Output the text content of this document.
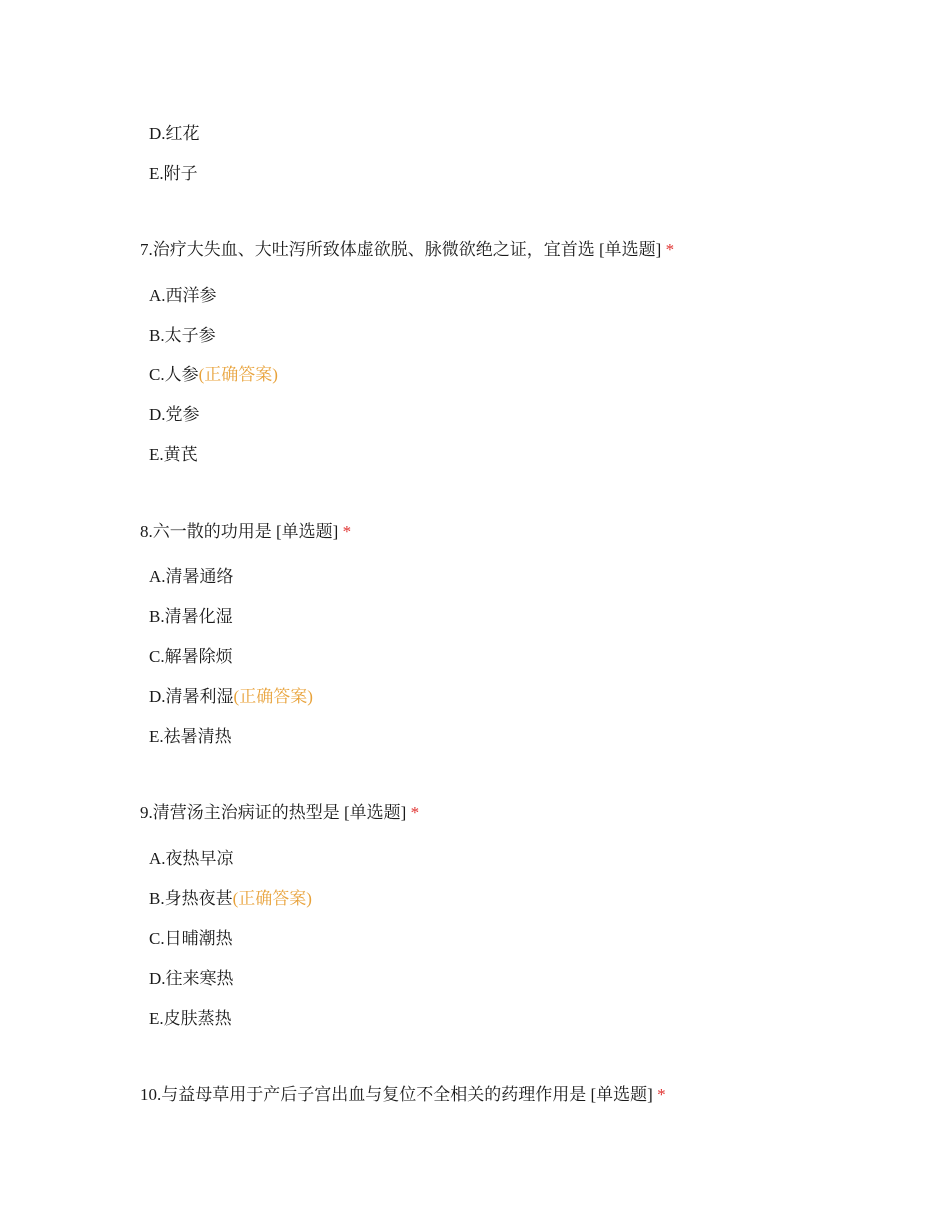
D.红花
E.附子
7.治疗大失血、大吐泻所致体虚欲脱、脉微欲绝之证，宜首选 [单选题] *
A.西洋参
B.太子参
C.人参(正确答案)
D.党参
E.黄芪
8.六一散的功用是 [单选题] *
A.清暑通络
B.清暑化湿
C.解暑除烦
D.清暑利湿(正确答案)
E.祛暑清热
9.清营汤主治病证的热型是 [单选题] *
A.夜热早凉
B.身热夜甚(正确答案)
C.日晡潮热
D.往来寒热
E.皮肤蒸热
10.与益母草用于产后子宫出血与复位不全相关的药理作用是 [单选题] *
